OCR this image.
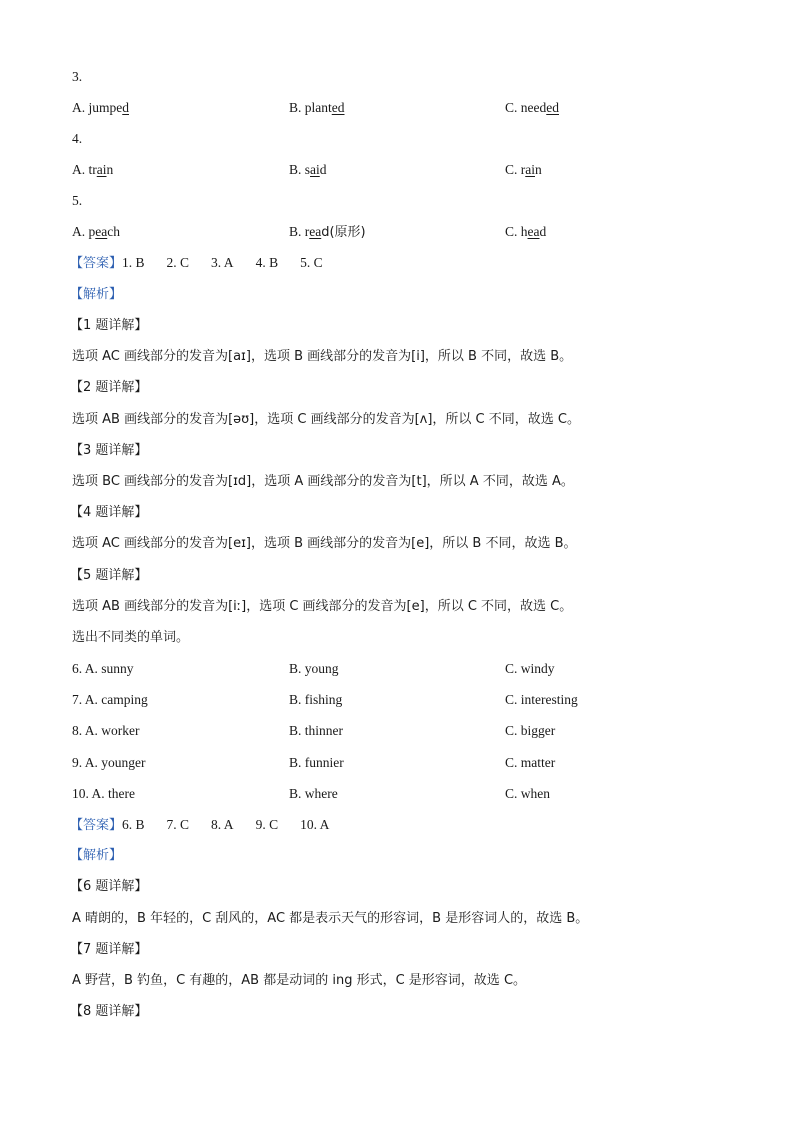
3.
A. jumped	B. planted	C. needed
4.
A. train	B. said	C. rain
5.
A. peach	B. read(原形)	C. head
【答案】1. B 2. C 3. A 4. B 5. C
【解析】
【1 题详解】
选项 AC 画线部分的发音为[aɪ]，选项 B 画线部分的发音为[i]，所以 B 不同，故选 B。
【2 题详解】
选项 AB 画线部分的发音为[əʊ]，选项 C 画线部分的发音为[ʌ]，所以 C 不同，故选 C。
【3 题详解】
选项 BC 画线部分的发音为[ɪd]，选项 A 画线部分的发音为[t]，所以 A 不同，故选 A。
【4 题详解】
选项 AC 画线部分的发音为[eɪ]，选项 B 画线部分的发音为[e]，所以 B 不同，故选 B。
【5 题详解】
选项 AB 画线部分的发音为[iː]，选项 C 画线部分的发音为[e]，所以 C 不同，故选 C。
选出不同类的单词。
6. A. sunny	B. young	C. windy
7. A. camping	B. fishing	C. interesting
8. A. worker	B. thinner	C. bigger
9. A. younger	B. funnier	C. matter
10. A. there	B. where	C. when
【答案】6. B 7. C 8. A 9. C 10. A
【解析】
【6 题详解】
A 晴朗的，B 年轻的，C 刮风的，AC 都是表示天气的形容词，B 是形容词人的，故选 B。
【7 题详解】
A 野营，B 钓鱼，C 有趣的，AB 都是动词的 ing 形式，C 是形容词，故选 C。
【8 题详解】
